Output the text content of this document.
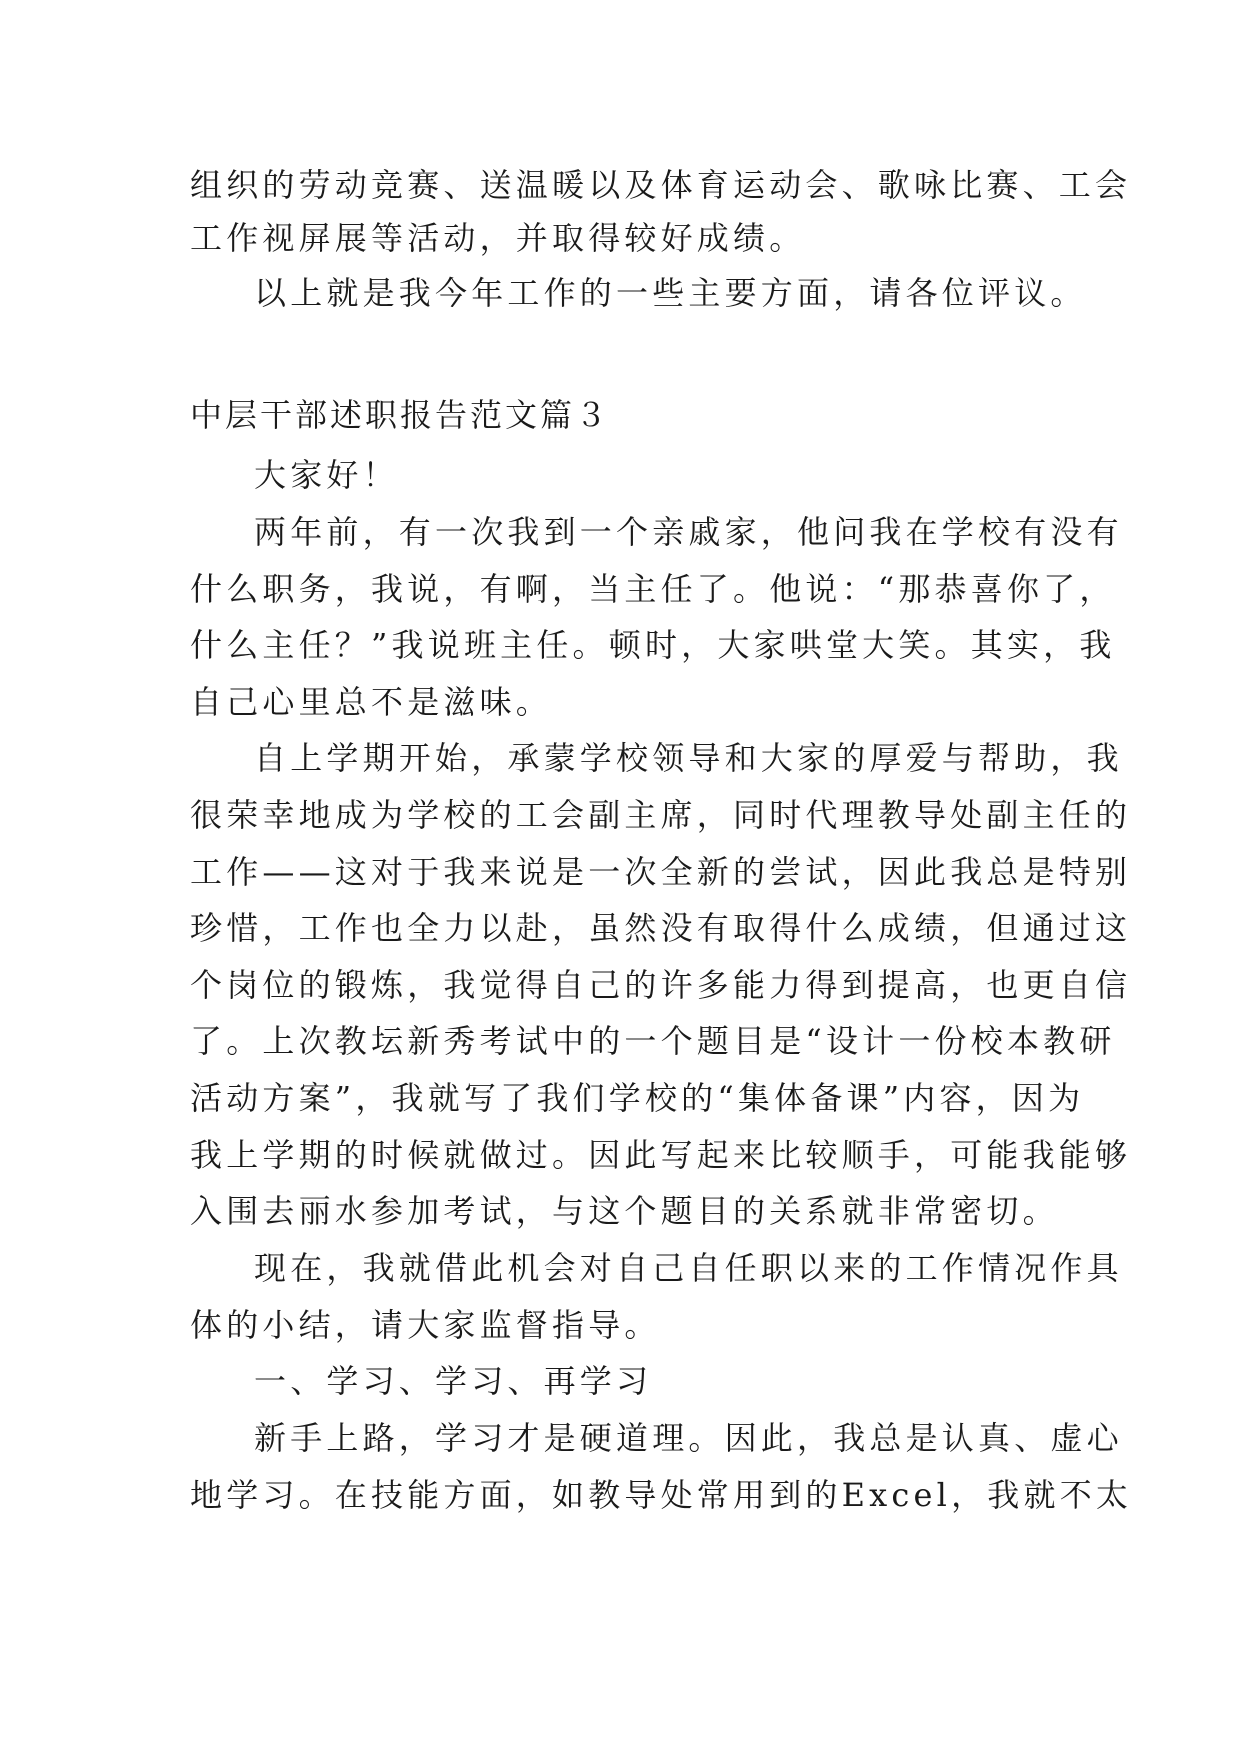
组织的劳动竞赛、送温暖以及体育运动会、歌咏比赛、工会
工作视屏展等活动，并取得较好成绩。
以上就是我今年工作的一些主要方面，请各位评议。
中层干部述职报告范文篇３
大家好！
两年前，有一次我到一个亲戚家，他问我在学校有没有
什么职务，我说，有啊，当主任了。他说：“那恭喜你了，
什么主任？”我说班主任。顿时，大家哄堂大笑。其实，我
自己心里总不是滋味。
自上学期开始，承蒙学校领导和大家的厚爱与帮助，我
很荣幸地成为学校的工会副主席，同时代理教导处副主任的
工作——这对于我来说是一次全新的尝试，因此我总是特别
珍惜，工作也全力以赴，虽然没有取得什么成绩，但通过这
个岗位的锻炼，我觉得自己的许多能力得到提高，也更自信
了。上次教坛新秀考试中的一个题目是“设计一份校本教研
活动方案”，我就写了我们学校的“集体备课”内容，因为
我上学期的时候就做过。因此写起来比较顺手，可能我能够
入围去丽水参加考试，与这个题目的关系就非常密切。
现在，我就借此机会对自己自任职以来的工作情况作具
体的小结，请大家监督指导。
一、学习、学习、再学习
新手上路，学习才是硬道理。因此，我总是认真、虚心
地学习。在技能方面，如教导处常用到的Excel，我就不太
